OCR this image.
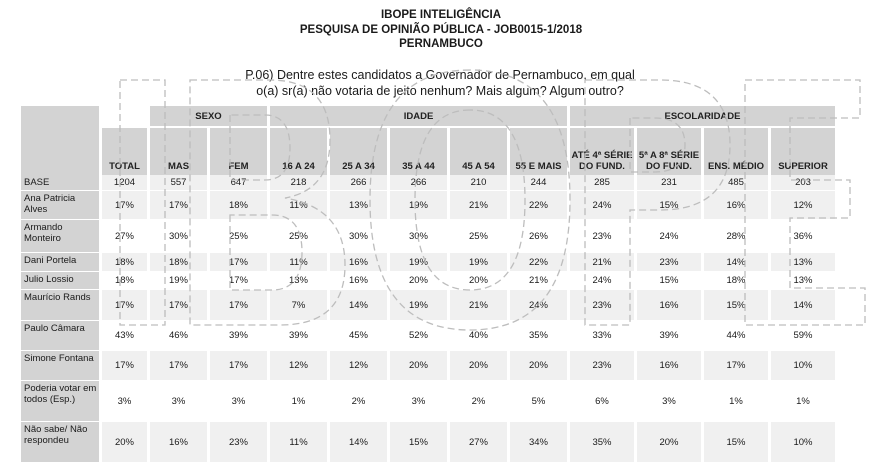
IBOPE INTELIGÊNCIA
PESQUISA DE OPINIÃO PÚBLICA - JOB0015-1/2018
PERNAMBUCO
P.06) Dentre estes candidatos a Governador de Pernambuco, em qual
o(a) sr(a) não votaria de jeito nenhum? Mais algum? Algum outro?
		SEXO		IDADE					ESCOLARIDADE			
	TOTAL	MAS	FEM	16 A 24	25 A 34	35 A 44	45 A 54	55 E MAIS	ATÉ 4ª SÉRIE DO FUND.	5ª A 8ª SÉRIE DO FUND.	ENS. MÉDIO	SUPERIOR
BASE	1204	557	647	218	266	266	210	244	285	231	485	203
Ana Patricia Alves	17%	17%	18%	11%	13%	19%	21%	22%	24%	15%	16%	12%
Armando Monteiro	27%	30%	25%	25%	30%	30%	25%	26%	23%	24%	28%	36%
Dani Portela	18%	18%	17%	11%	16%	19%	19%	22%	21%	23%	14%	13%
Julio Lossio	18%	19%	17%	13%	16%	20%	20%	21%	24%	15%	18%	13%
Maurício Rands	17%	17%	17%	7%	14%	19%	21%	24%	23%	16%	15%	14%
Paulo Câmara	43%	46%	39%	39%	45%	52%	40%	35%	33%	39%	44%	59%
Simone Fontana	17%	17%	17%	12%	12%	20%	20%	20%	23%	16%	17%	10%
Poderia votar em todos (Esp.)	3%	3%	3%	1%	2%	3%	2%	5%	6%	3%	1%	1%
Não sabe/ Não respondeu	20%	16%	23%	11%	14%	15%	27%	34%	35%	20%	15%	10%
